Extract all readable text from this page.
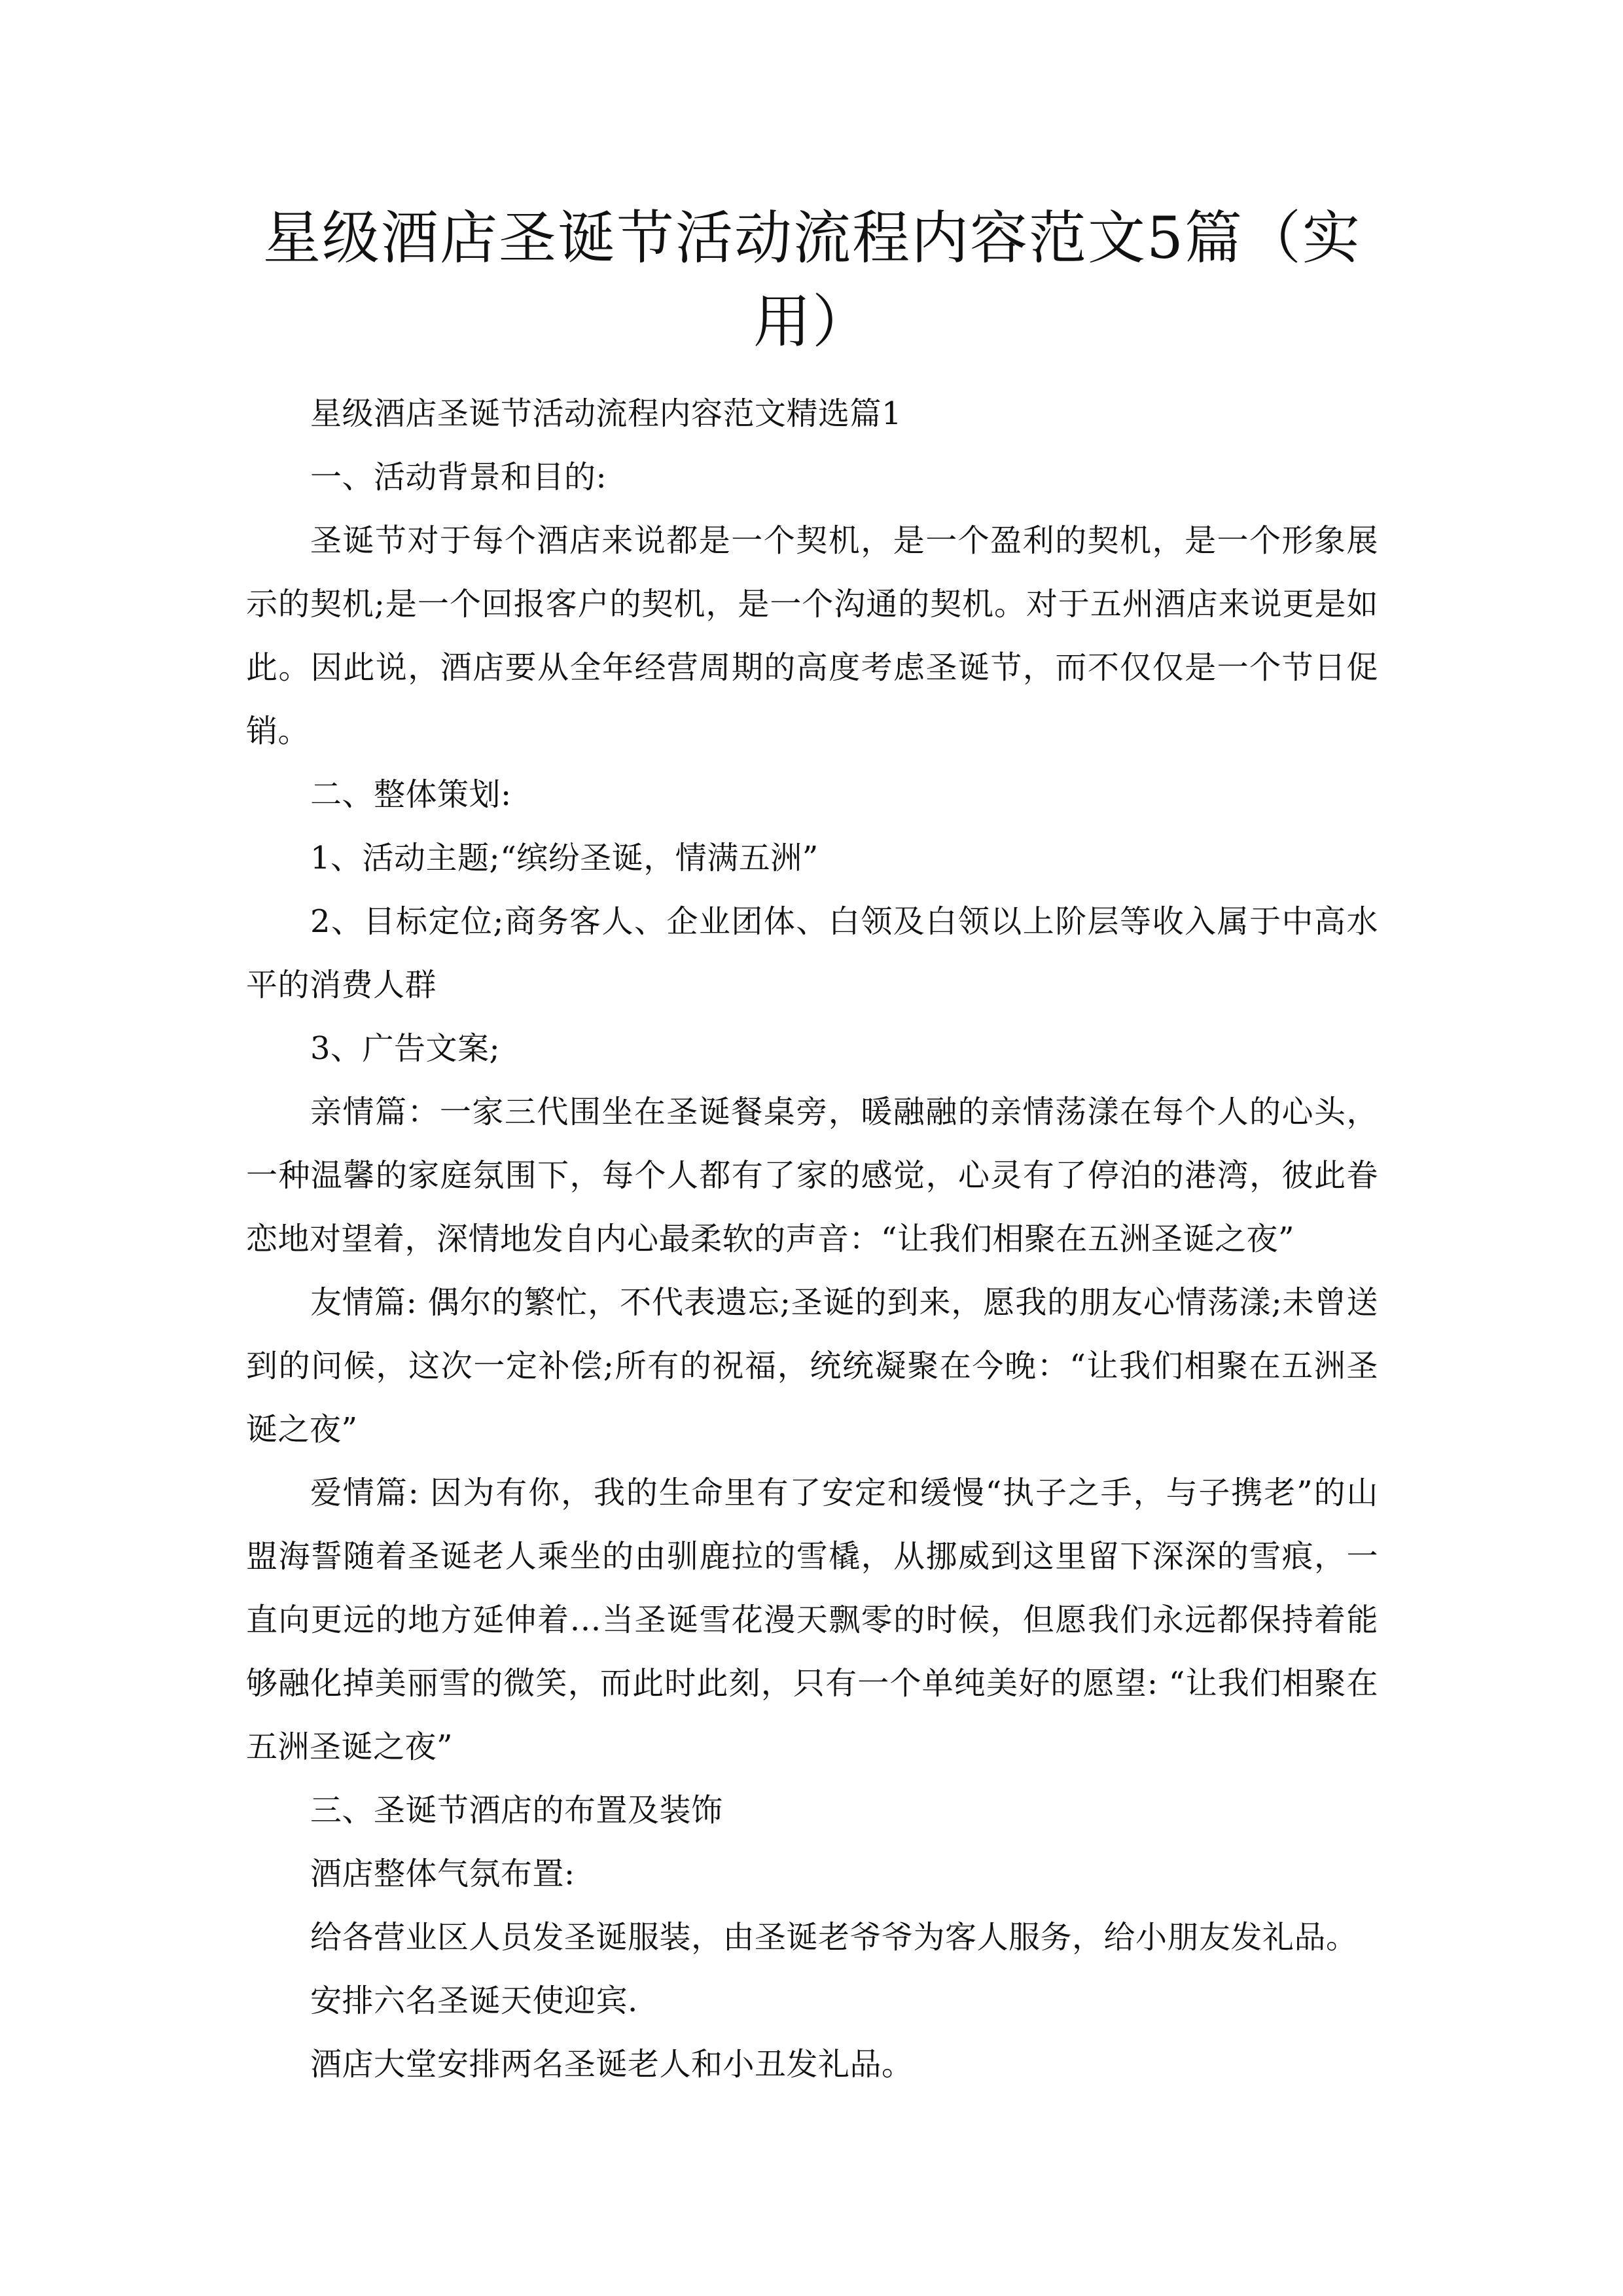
星级酒店圣诞节活动流程内容范文5篇（实用）

星级酒店圣诞节活动流程内容范文精选篇1

一、活动背景和目的:

圣诞节对于每个酒店来说都是一个契机，是一个盈利的契机，是一个形象展示的契机;是一个回报客户的契机，是一个沟通的契机。对于五州酒店来说更是如此。因此说，酒店要从全年经营周期的高度考虑圣诞节，而不仅仅是一个节日促销。

二、整体策划:

1、活动主题;“缤纷圣诞，情满五洲”

2、目标定位;商务客人、企业团体、白领及白领以上阶层等收入属于中高水平的消费人群

3、广告文案;

亲情篇：一家三代围坐在圣诞餐桌旁，暖融融的亲情荡漾在每个人的心头，一种温馨的家庭氛围下，每个人都有了家的感觉，心灵有了停泊的港湾，彼此眷恋地对望着，深情地发自内心最柔软的声音：“让我们相聚在五洲圣诞之夜”

友情篇: 偶尔的繁忙，不代表遗忘;圣诞的到来，愿我的朋友心情荡漾;未曾送到的问候，这次一定补偿;所有的祝福，统统凝聚在今晚：“让我们相聚在五洲圣诞之夜”

爱情篇: 因为有你，我的生命里有了安定和缓慢“执子之手，与子携老”的山盟海誓随着圣诞老人乘坐的由驯鹿拉的雪橇，从挪威到这里留下深深的雪痕，一直向更远的地方延伸着…当圣诞雪花漫天飘零的时候，但愿我们永远都保持着能够融化掉美丽雪的微笑，而此时此刻，只有一个单纯美好的愿望: “让我们相聚在五洲圣诞之夜”

三、圣诞节酒店的布置及装饰

酒店整体气氛布置:

给各营业区人员发圣诞服装，由圣诞老爷爷为客人服务，给小朋友发礼品。

安排六名圣诞天使迎宾.

酒店大堂安排两名圣诞老人和小丑发礼品。
